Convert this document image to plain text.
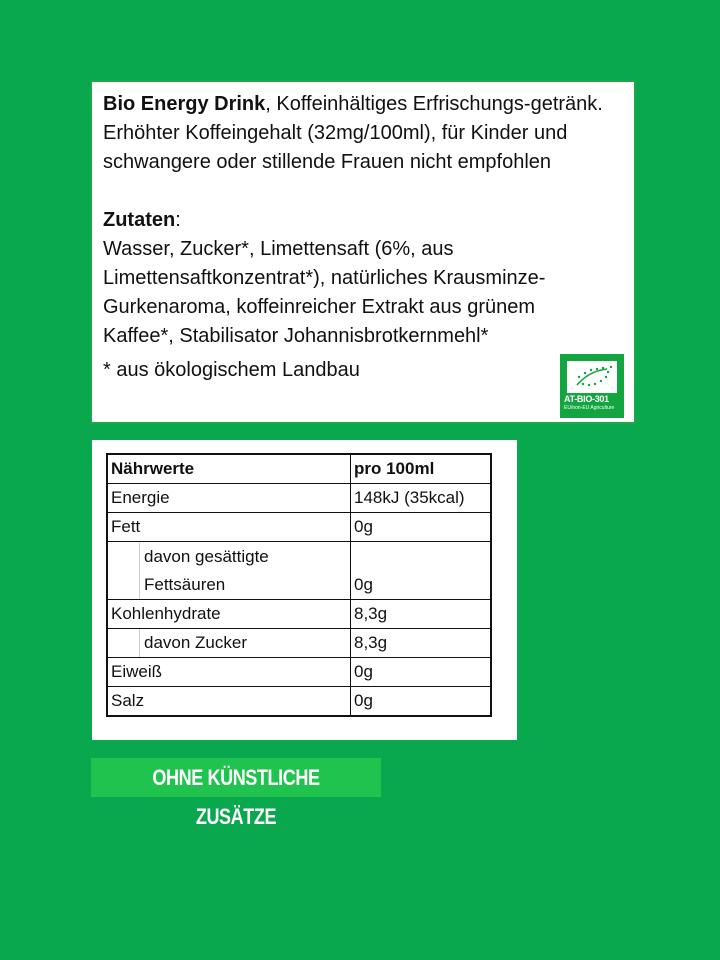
Bio Energy Drink, Koffeinhältiges Erfrischungs-getränk. Erhöhter Koffeingehalt (32mg/100ml), für Kinder und schwangere oder stillende Frauen nicht empfohlen

Zutaten:

Wasser, Zucker*, Limettensaft (6%, aus Limettensaftkonzentrat*), natürliches Krausminze-Gurkenaroma, koffeinreicher Extrakt aus grünem Kaffee*, Stabilisator Johannisbrotkernmehl*

* aus ökologischem Landbau

AT-BIO-301
EU/non-EU Agriculture
Nährwerte	pro 100ml
Energie	148kJ (35kcal)
Fett	0g

davon gesättigte
Fettsäuren	0g
Kohlenhydrate	8,3g

davon Zucker	8,3g
Eiweiß	0g
Salz	0g
OHNE KÜNSTLICHE ZUSÄTZE
